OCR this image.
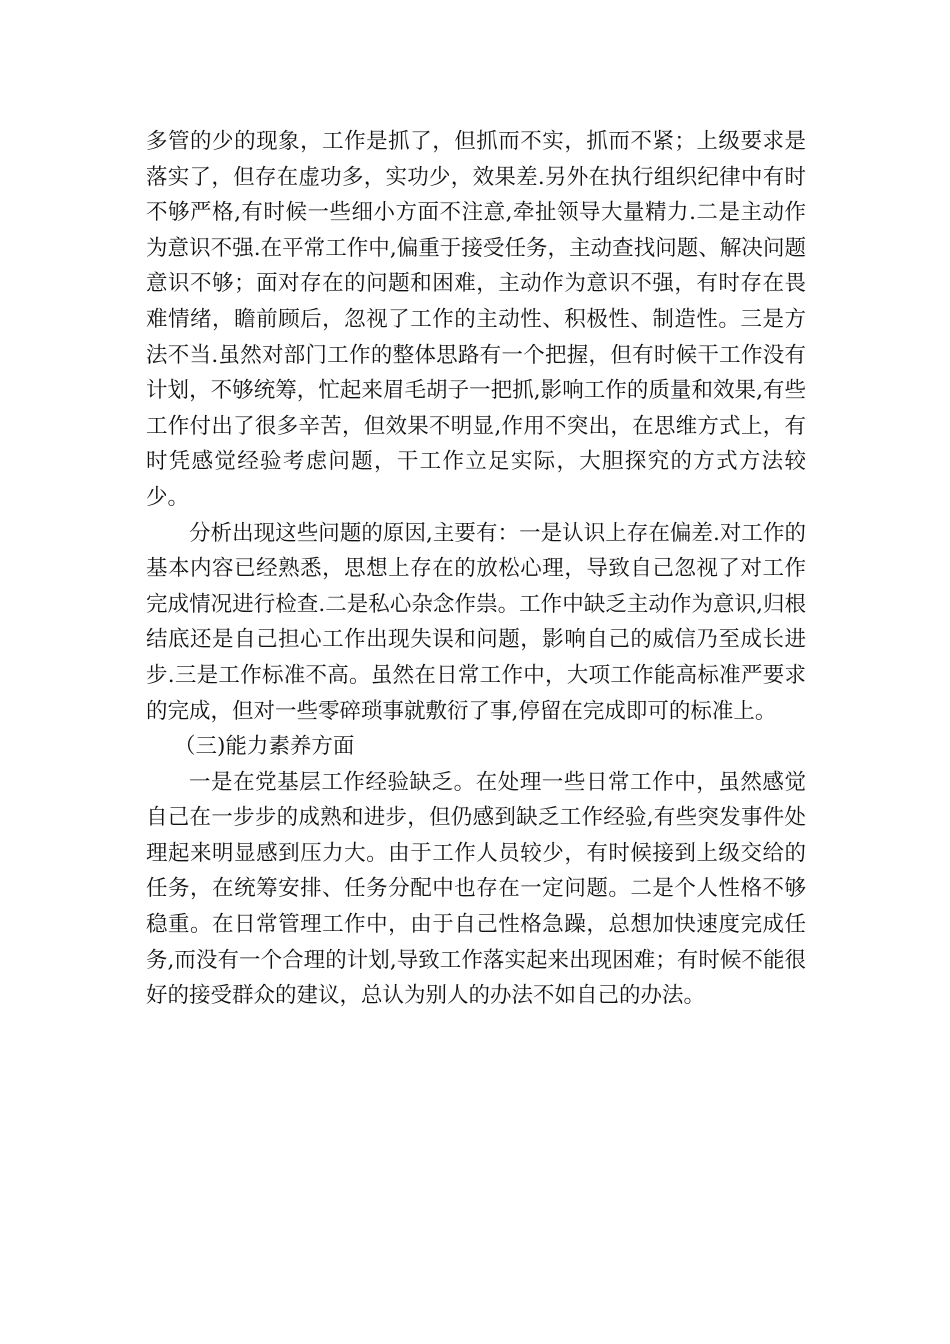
多管的少的现象，工作是抓了，但抓而不实，抓而不紧；上级要求是落实了，但存在虚功多，实功少，效果差.另外在执行组织纪律中有时不够严格,有时候一些细小方面不注意,牵扯领导大量精力.二是主动作为意识不强.在平常工作中,偏重于接受任务，主动查找问题、解决问题意识不够；面对存在的问题和困难，主动作为意识不强，有时存在畏难情绪，瞻前顾后，忽视了工作的主动性、积极性、制造性。三是方法不当.虽然对部门工作的整体思路有一个把握，但有时候干工作没有计划，不够统筹，忙起来眉毛胡子一把抓,影响工作的质量和效果,有些工作付出了很多辛苦，但效果不明显,作用不突出，在思维方式上，有时凭感觉经验考虑问题，干工作立足实际，大胆探究的方式方法较少。

分析出现这些问题的原因,主要有：一是认识上存在偏差.对工作的基本内容已经熟悉，思想上存在的放松心理，导致自己忽视了对工作完成情况进行检查.二是私心杂念作祟。工作中缺乏主动作为意识,归根结底还是自己担心工作出现失误和问题，影响自己的威信乃至成长进步.三是工作标准不高。虽然在日常工作中，大项工作能高标准严要求的完成，但对一些零碎琐事就敷衍了事,停留在完成即可的标准上。

（三)能力素养方面

一是在党基层工作经验缺乏。在处理一些日常工作中，虽然感觉自己在一步步的成熟和进步，但仍感到缺乏工作经验,有些突发事件处理起来明显感到压力大。由于工作人员较少，有时候接到上级交给的任务，在统筹安排、任务分配中也存在一定问题。二是个人性格不够稳重。在日常管理工作中，由于自己性格急躁，总想加快速度完成任务,而没有一个合理的计划,导致工作落实起来出现困难；有时候不能很好的接受群众的建议，总认为别人的办法不如自己的办法。
